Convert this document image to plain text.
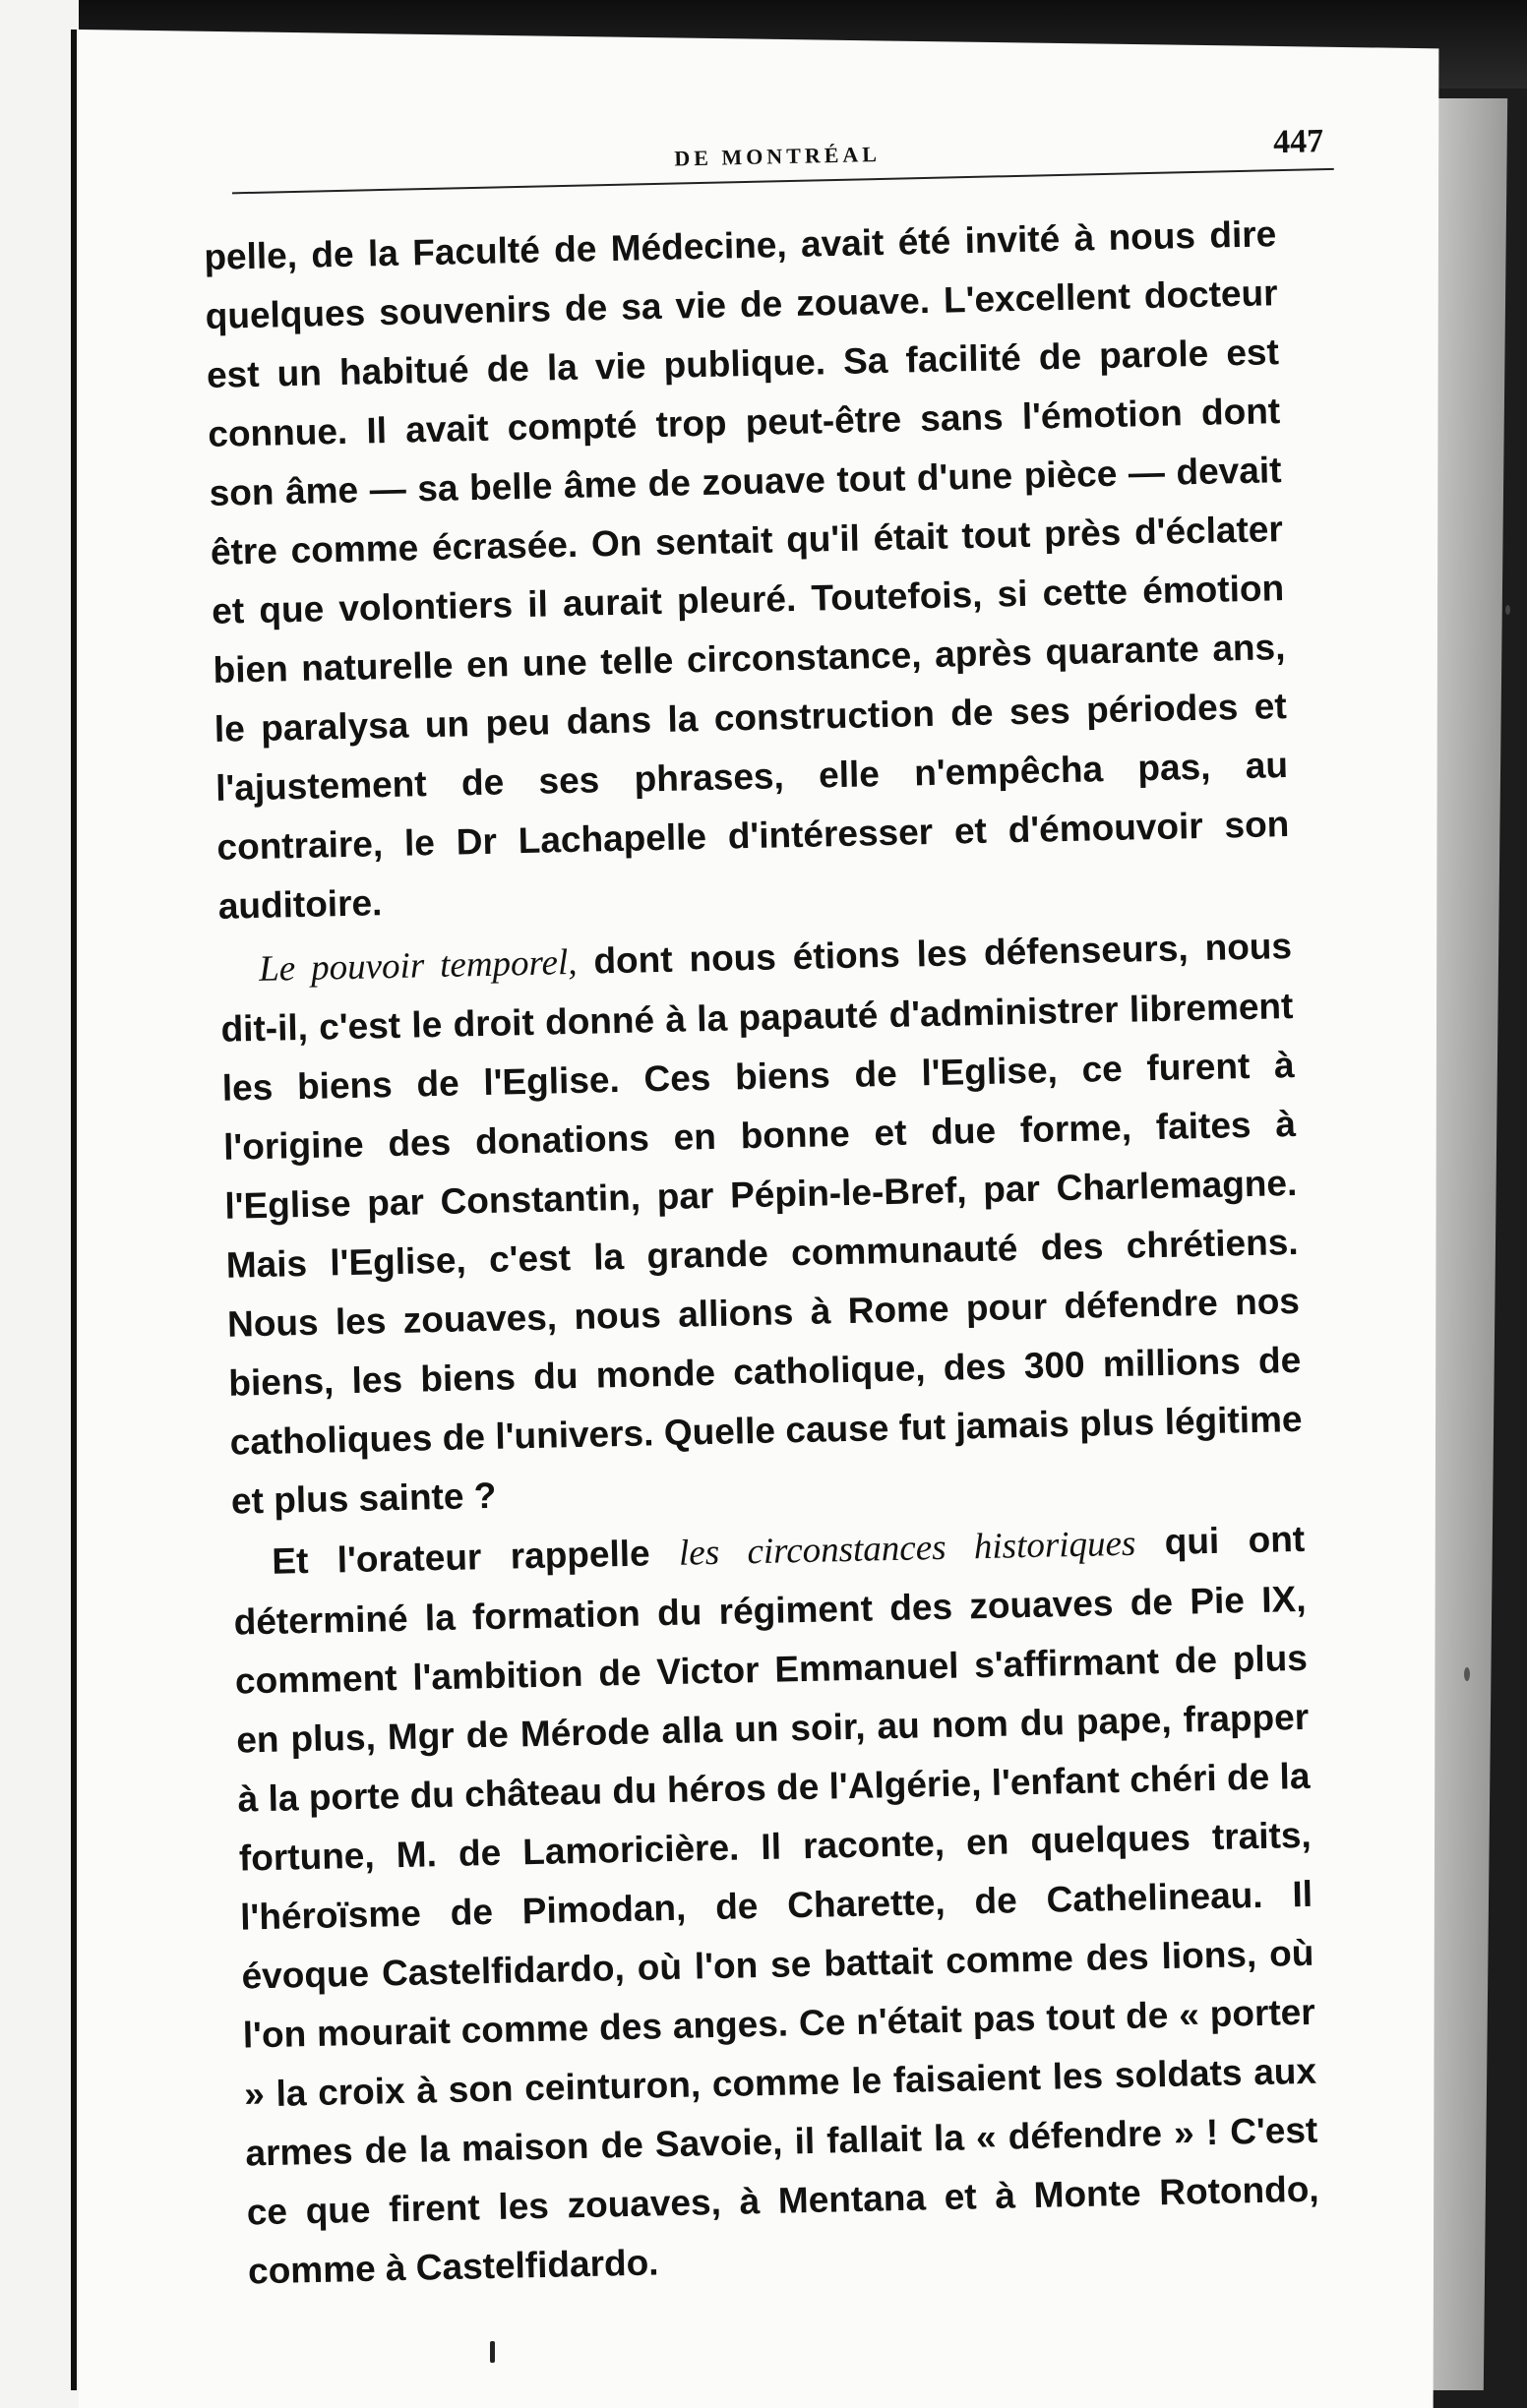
DE MONTRÉAL	447

pelle, de la Faculté de Médecine, avait été invité à nous dire quelques souvenirs de sa vie de zouave. L'excellent docteur est un habitué de la vie publique. Sa facilité de parole est connue. Il avait compté trop peut-être sans l'émotion dont son âme — sa belle âme de zouave tout d'une pièce — devait être comme écrasée. On sentait qu'il était tout près d'éclater et que volontiers il aurait pleuré. Toutefois, si cette émotion bien naturelle en une telle circonstance, après quarante ans, le paralysa un peu dans la construction de ses périodes et l'ajustement de ses phrases, elle n'empêcha pas, au contraire, le Dr Lachapelle d'intéresser et d'émouvoir son auditoire.

Le pouvoir temporel, dont nous étions les défenseurs, nous dit-il, c'est le droit donné à la papauté d'administrer librement les biens de l'Eglise. Ces biens de l'Eglise, ce furent à l'origine des donations en bonne et due forme, faites à l'Eglise par Constantin, par Pépin-le-Bref, par Charlemagne. Mais l'Eglise, c'est la grande communauté des chrétiens. Nous les zouaves, nous allions à Rome pour défendre nos biens, les biens du monde catholique, des 300 millions de catholiques de l'univers. Quelle cause fut jamais plus légitime et plus sainte ?

Et l'orateur rappelle les circonstances historiques qui ont déterminé la formation du régiment des zouaves de Pie IX, comment l'ambition de Victor Emmanuel s'affirmant de plus en plus, Mgr de Mérode alla un soir, au nom du pape, frapper à la porte du château du héros de l'Algérie, l'enfant chéri de la fortune, M. de Lamoricière. Il raconte, en quelques traits, l'héroïsme de Pimodan, de Charette, de Cathelineau. Il évoque Castelfidardo, où l'on se battait comme des lions, où l'on mourait comme des anges. Ce n'était pas tout de « porter » la croix à son ceinturon, comme le faisaient les soldats aux armes de la maison de Savoie, il fallait la « défendre » ! C'est ce que firent les zouaves, à Mentana et à Monte Rotondo, comme à Castelfidardo.
